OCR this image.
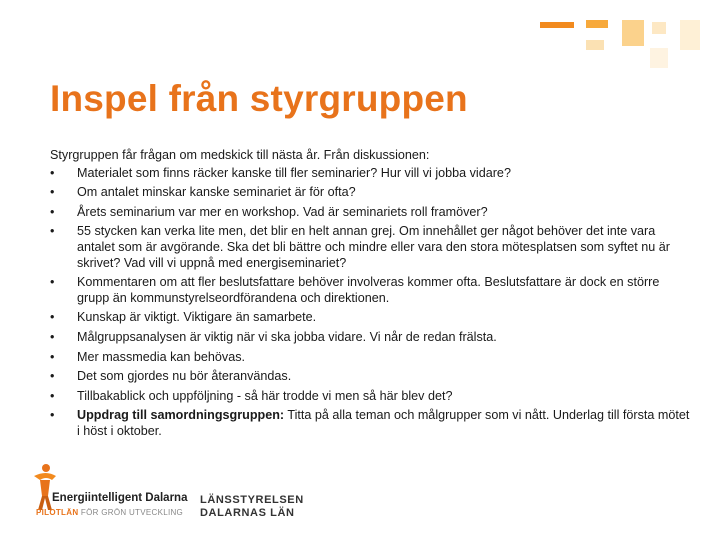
Inspel från styrgruppen

Styrgruppen får frågan om medskick till nästa år. Från diskussionen:

•	Materialet som finns räcker kanske till fler seminarier? Hur vill vi jobba vidare?
•	Om antalet minskar kanske seminariet är för ofta?
•	Årets seminarium var mer en workshop. Vad är seminariets roll framöver?
•	55 stycken kan verka lite men, det blir en helt annan grej. Om innehållet ger något behöver det inte vara antalet som är avgörande. Ska det bli bättre och mindre eller vara den stora mötesplatsen som syftet nu är skrivet? Vad vill vi uppnå med energiseminariet?
•	Kommentaren om att fler beslutsfattare behöver involveras kommer ofta. Beslutsfattare är dock en större grupp än kommunstyrelseordförandena och direktionen.
•	Kunskap är viktigt. Viktigare än samarbete.
•	Målgruppsanalysen är viktig när vi ska jobba vidare. Vi når de redan frälsta.
•	Mer massmedia kan behövas.
•	Det som gjordes nu bör återanvändas.
•	Tillbakablick och uppföljning - så här trodde vi men så här blev det?
•	Uppdrag till samordningsgruppen: Titta på alla teman och målgrupper som vi nått. Underlag till första mötet i höst i oktober.
Energiintelligent Dalarna
PILOTLÄN FÖR GRÖN UTVECKLING
LÄNSSTYRELSEN
DALARNAS LÄN
